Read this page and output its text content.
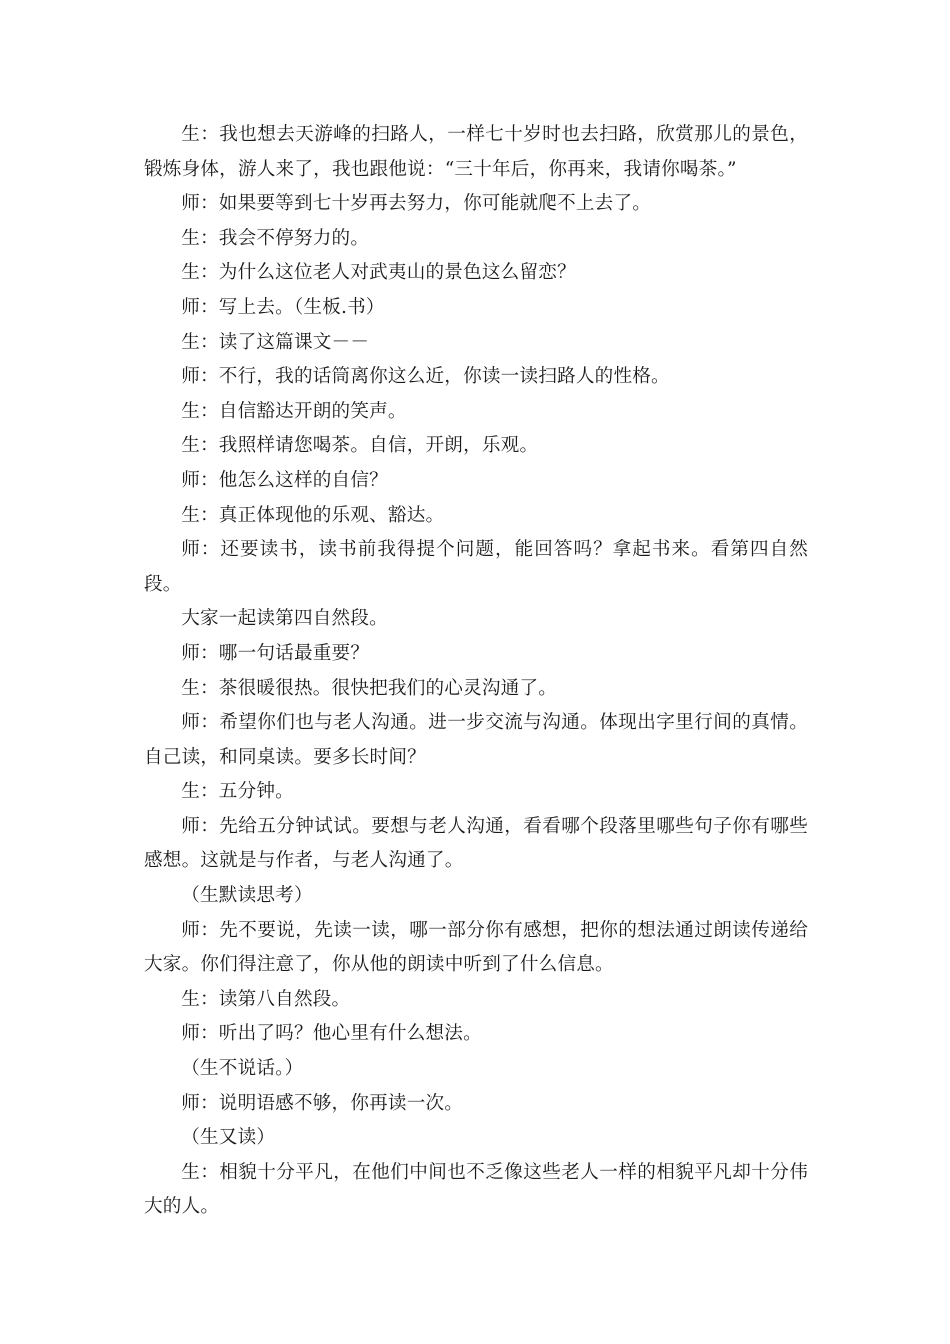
生：我也想去天游峰的扫路人，一样七十岁时也去扫路，欣赏那儿的景色，锻炼身体，游人来了，我也跟他说：“三十年后，你再来，我请你喝茶。”

师：如果要等到七十岁再去努力，你可能就爬不上去了。

生：我会不停努力的。

生：为什么这位老人对武夷山的景色这么留恋？

师：写上去。（生板.书）

生：读了这篇课文－－

师：不行，我的话筒离你这么近，你读一读扫路人的性格。

生：自信豁达开朗的笑声。

生：我照样请您喝茶。自信，开朗，乐观。

师：他怎么这样的自信？

生：真正体现他的乐观、豁达。

师：还要读书，读书前我得提个问题，能回答吗？拿起书来。看第四自然段。

大家一起读第四自然段。

师：哪一句话最重要？

生：茶很暖很热。很快把我们的心灵沟通了。

师：希望你们也与老人沟通。进一步交流与沟通。体现出字里行间的真情。自己读，和同桌读。要多长时间？

生：五分钟。

师：先给五分钟试试。要想与老人沟通，看看哪个段落里哪些句子你有哪些感想。这就是与作者，与老人沟通了。

（生默读思考）

师：先不要说，先读一读，哪一部分你有感想，把你的想法通过朗读传递给大家。你们得注意了，你从他的朗读中听到了什么信息。

生：读第八自然段。

师：听出了吗？他心里有什么想法。

（生不说话。）

师：说明语感不够，你再读一次。

（生又读）

生：相貌十分平凡，在他们中间也不乏像这些老人一样的相貌平凡却十分伟大的人。
